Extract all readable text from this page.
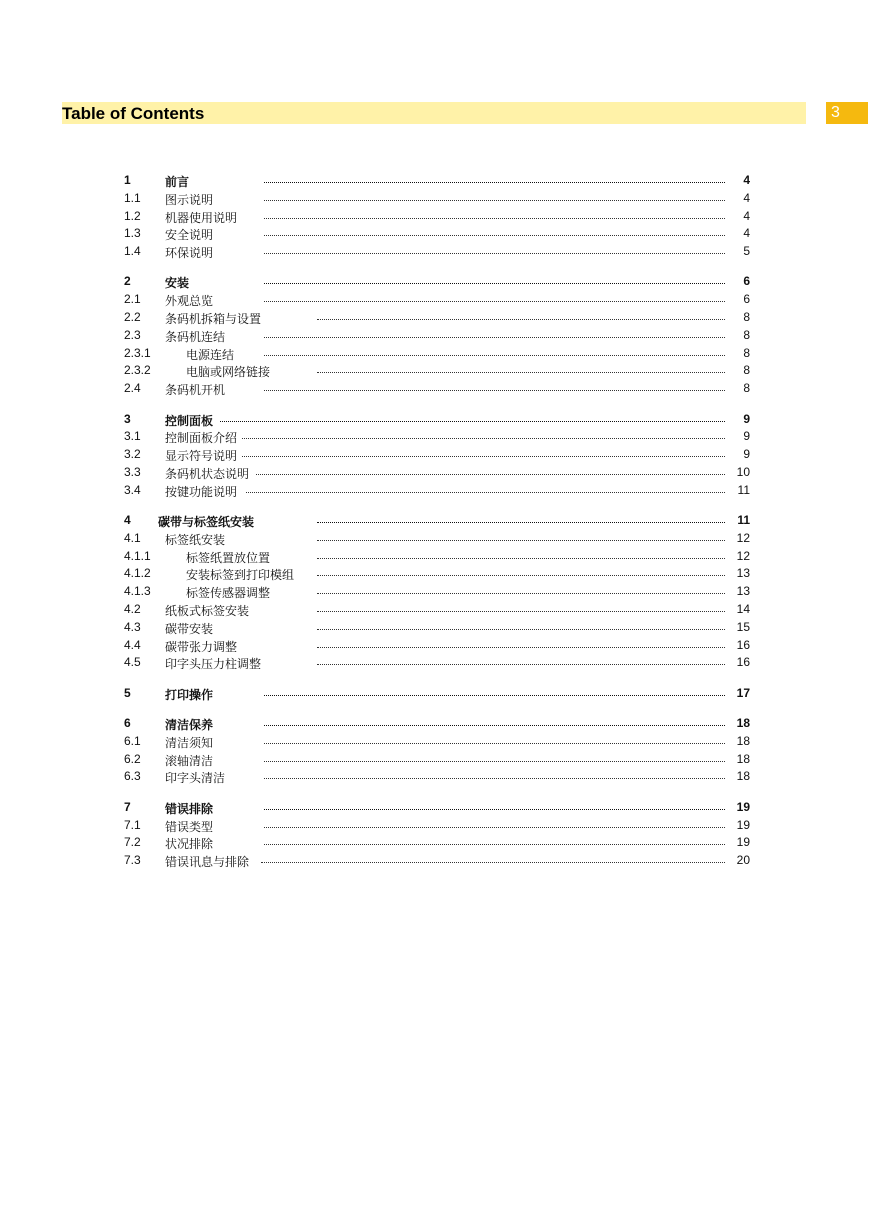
Table of Contents	3
1	前言	4
1.1 图示说明	4
1.2 机器使用说明	4
1.3 安全说明	4
1.4 环保说明	5
2	安装	6
2.1 外观总览	6
2.2 条码机拆箱与设置	8
2.3 条码机连结	8
2.3.1	电源连结	8
2.3.2	电脑或网络链接	8
2.4 条码机开机	8
3	控制面板	9
3.1 控制面板介绍	9
3.2 显示符号说明	9
3.3 条码机状态说明	10
3.4 按键功能说明	11
4 碳带与标签纸安装	11
4.1 标签纸安装	12
4.1.1	标签纸置放位置	12
4.1.2	安装标签到打印模组	13
4.1.3	标签传感器调整	13
4.2 纸板式标签安装	14
4.3 碳带安装	15
4.4 碳带张力调整	16
4.5 印字头压力柱调整	16
5	打印操作	17
6	清洁保养	18
6.1 清洁须知	18
6.2 滚轴清洁	18
6.3 印字头清洁	18
7	错误排除	19
7.1 错误类型	19
7.2 状况排除	19
7.3 错误讯息与排除	20
